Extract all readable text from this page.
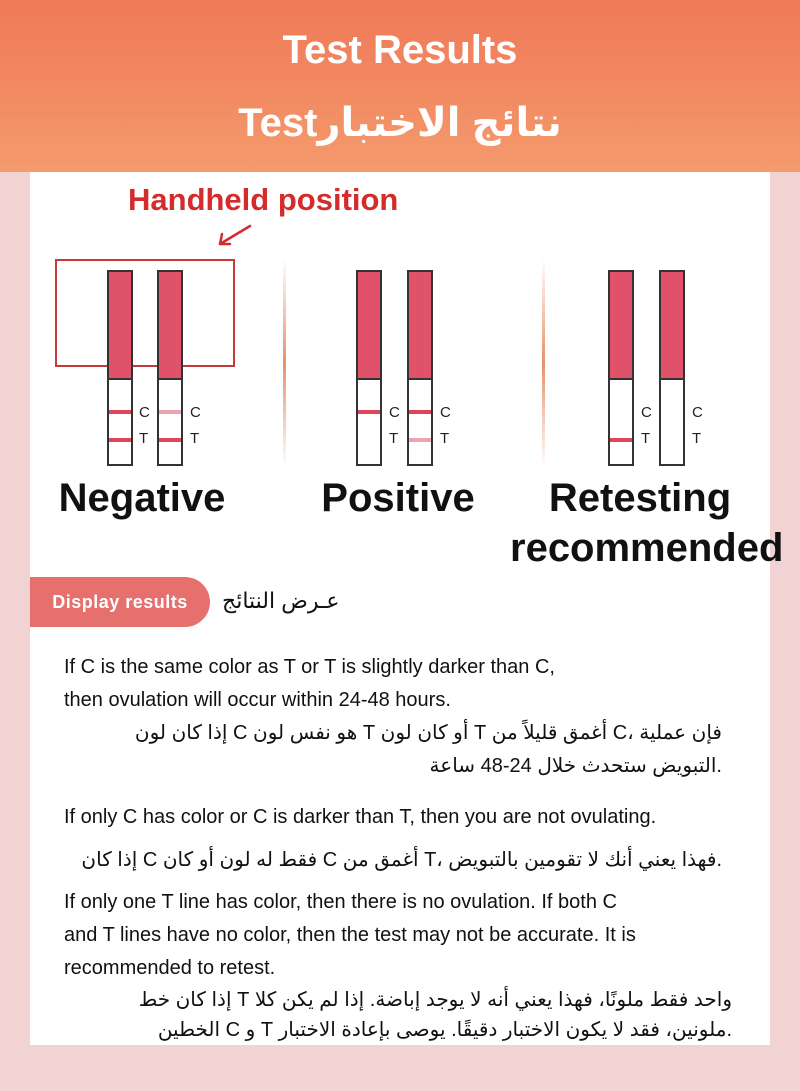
Test Results
Testنتائج الاختبار
Handheld position
C
T
C
T
Negative
C
T
C
T
Positive
C
T
C
T
Retesting
recommended
Display results	عـرض النتائج
If C is the same color as T or T is slightly darker than C,
then ovulation will occur within 24-48 hours.
فإن عملية ،C أغمق قليلاً من T أو كان لون T هو نفس لون C إذا كان لون
.التبويض ستحدث خلال 24-48 ساعة
If only C has color or C is darker than T, then you are not ovulating.
.فهذا يعني أنك لا تقومين بالتبويض ،T أغمق من C فقط له لون أو كان C إذا كان
If only one T line has color, then there is no ovulation. If both C
and T lines have no color, then the test may not be accurate. It is
recommended to retest.
واحد فقط ملونًا، فهذا يعني أنه لا يوجد إباضة. إذا لم يكن كلا T إذا كان خط
.ملونين، فقد لا يكون الاختبار دقيقًا. يوصى بإعادة الاختبار T و C الخطين
